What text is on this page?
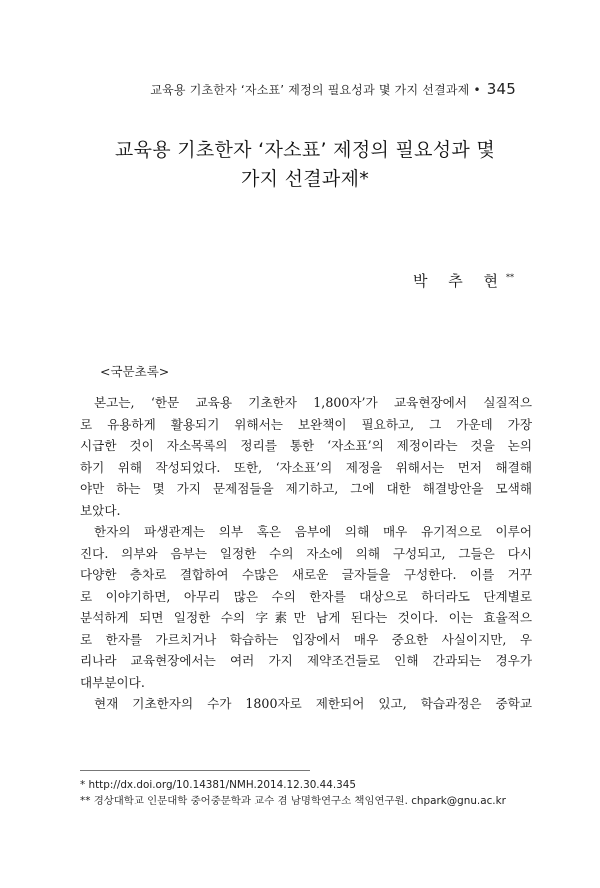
교육용 기초한자 ‘자소표’ 제정의 필요성과 몇 가지 선결과제 • 345
교육용 기초한자 ‘자소표’ 제정의 필요성과 몇
가지 선결과제*
박 추 현**
<국문초록>
본고는, ‘한문 교육용 기초한자 1,800자’가 교육현장에서 실질적으
로 유용하게 활용되기 위해서는 보완책이 필요하고, 그 가운데 가장
시급한 것이 자소목록의 정리를 통한 ‘자소표’의 제정이라는 것을 논의
하기 위해 작성되었다. 또한, ‘자소표’의 제정을 위해서는 먼저 해결해
야만 하는 몇 가지 문제점들을 제기하고, 그에 대한 해결방안을 모색해
보았다.
한자의 파생관계는 의부 혹은 음부에 의해 매우 유기적으로 이루어
진다. 의부와 음부는 일정한 수의 자소에 의해 구성되고, 그들은 다시
다양한 층차로 결합하여 수많은 새로운 글자들을 구성한다. 이를 거꾸
로 이야기하면, 아무리 많은 수의 한자를 대상으로 하더라도 단계별로
분석하게 되면 일정한 수의 字素만 남게 된다는 것이다. 이는 효율적으
로 한자를 가르치거나 학습하는 입장에서 매우 중요한 사실이지만, 우
리나라 교육현장에서는 여러 가지 제약조건들로 인해 간과되는 경우가
대부분이다.
현재 기초한자의 수가 1800자로 제한되어 있고, 학습과정은 중학교
* http://dx.doi.org/10.14381/NMH.2014.12.30.44.345
** 경상대학교 인문대학 중어중문학과 교수 겸 남명학연구소 책임연구원. chpark@gnu.ac.kr
